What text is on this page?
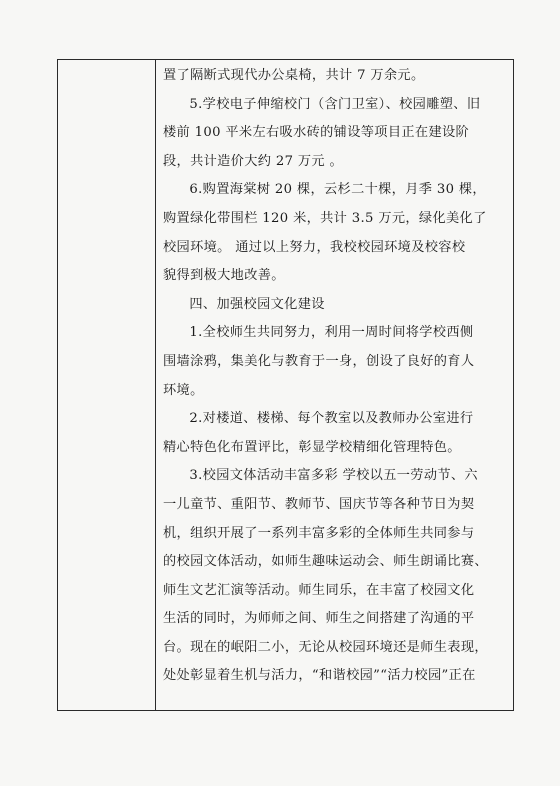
置了隔断式现代办公桌椅，共计 7 万余元。
5.学校电子伸缩校门（含门卫室）、校园雕塑、旧
楼前 100 平米左右吸水砖的铺设等项目正在建设阶
段，共计造价大约 27 万元 。
6.购置海棠树 20 棵，云杉二十棵，月季 30 棵，
购置绿化带围栏 120 米，共计 3.5 万元，绿化美化了
校园环境。 通过以上努力，我校校园环境及校容校
貌得到极大地改善。
四、加强校园文化建设
1.全校师生共同努力，利用一周时间将学校西侧
围墙涂鸦，集美化与教育于一身，创设了良好的育人
环境。
2.对楼道、楼梯、每个教室以及教师办公室进行
精心特色化布置评比，彰显学校精细化管理特色。
3.校园文体活动丰富多彩 学校以五一劳动节、六
一儿童节、重阳节、教师节、国庆节等各种节日为契
机，组织开展了一系列丰富多彩的全体师生共同参与
的校园文体活动，如师生趣味运动会、师生朗诵比赛、
师生文艺汇演等活动。师生同乐，在丰富了校园文化
生活的同时，为师师之间、师生之间搭建了沟通的平
台。现在的岷阳二小，无论从校园环境还是师生表现，
处处彰显着生机与活力，“和谐校园”“活力校园”正在
